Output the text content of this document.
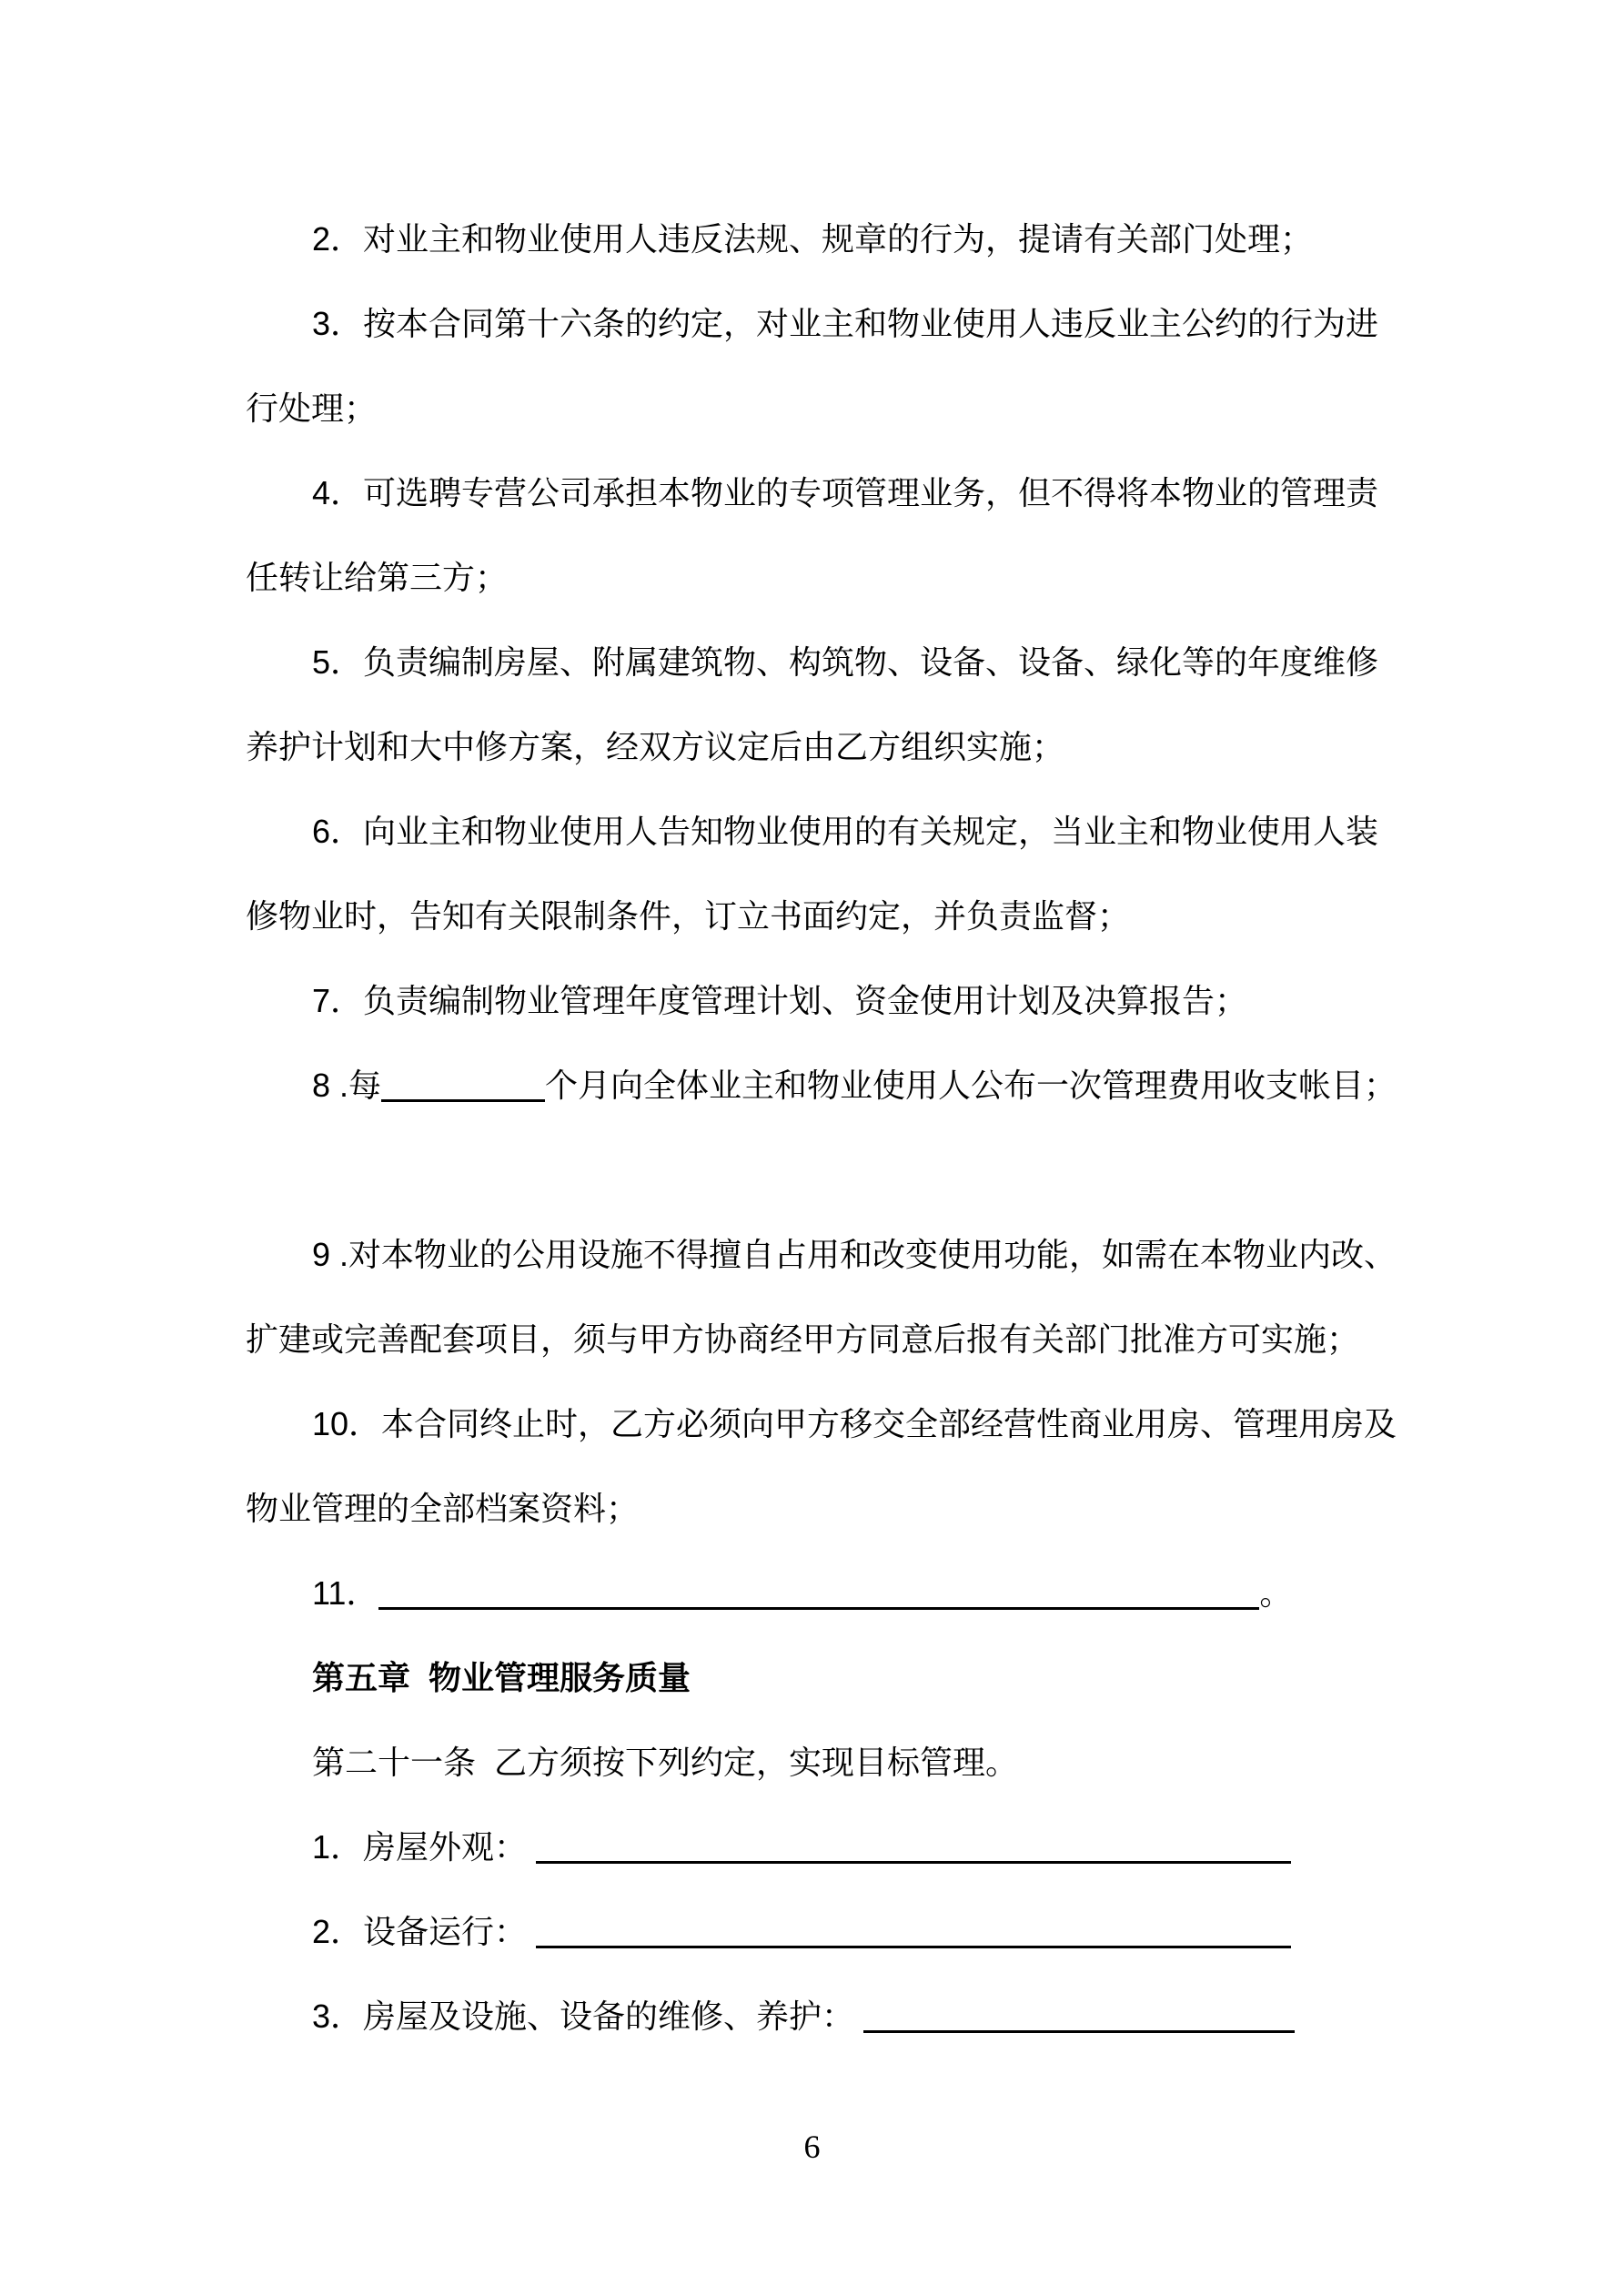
2．对业主和物业使用人违反法规、规章的行为，提请有关部门处理；
3．按本合同第十六条的约定，对业主和物业使用人违反业主公约的行为进
行处理；
4．可选聘专营公司承担本物业的专项管理业务，但不得将本物业的管理责
任转让给第三方；
5．负责编制房屋、附属建筑物、构筑物、设备、设备、绿化等的年度维修
养护计划和大中修方案，经双方议定后由乙方组织实施；
6．向业主和物业使用人告知物业使用的有关规定，当业主和物业使用人装
修物业时，告知有关限制条件，订立书面约定，并负责监督；
7．负责编制物业管理年度管理计划、资金使用计划及决算报告；
8 .每	个月向全体业主和物业使用人公布一次管理费用收支帐目；
9 .对本物业的公用设施不得擅自占用和改变使用功能，如需在本物业内改、
扩建或完善配套项目，须与甲方协商经甲方同意后报有关部门批准方可实施；
10．本合同终止时，乙方必须向甲方移交全部经营性商业用房、管理用房及
物业管理的全部档案资料；
11．	。
第五章  物业管理服务质量
第二十一条  乙方须按下列约定，实现目标管理。
1．房屋外观：
2．设备运行：
3．房屋及设施、设备的维修、养护：
6
